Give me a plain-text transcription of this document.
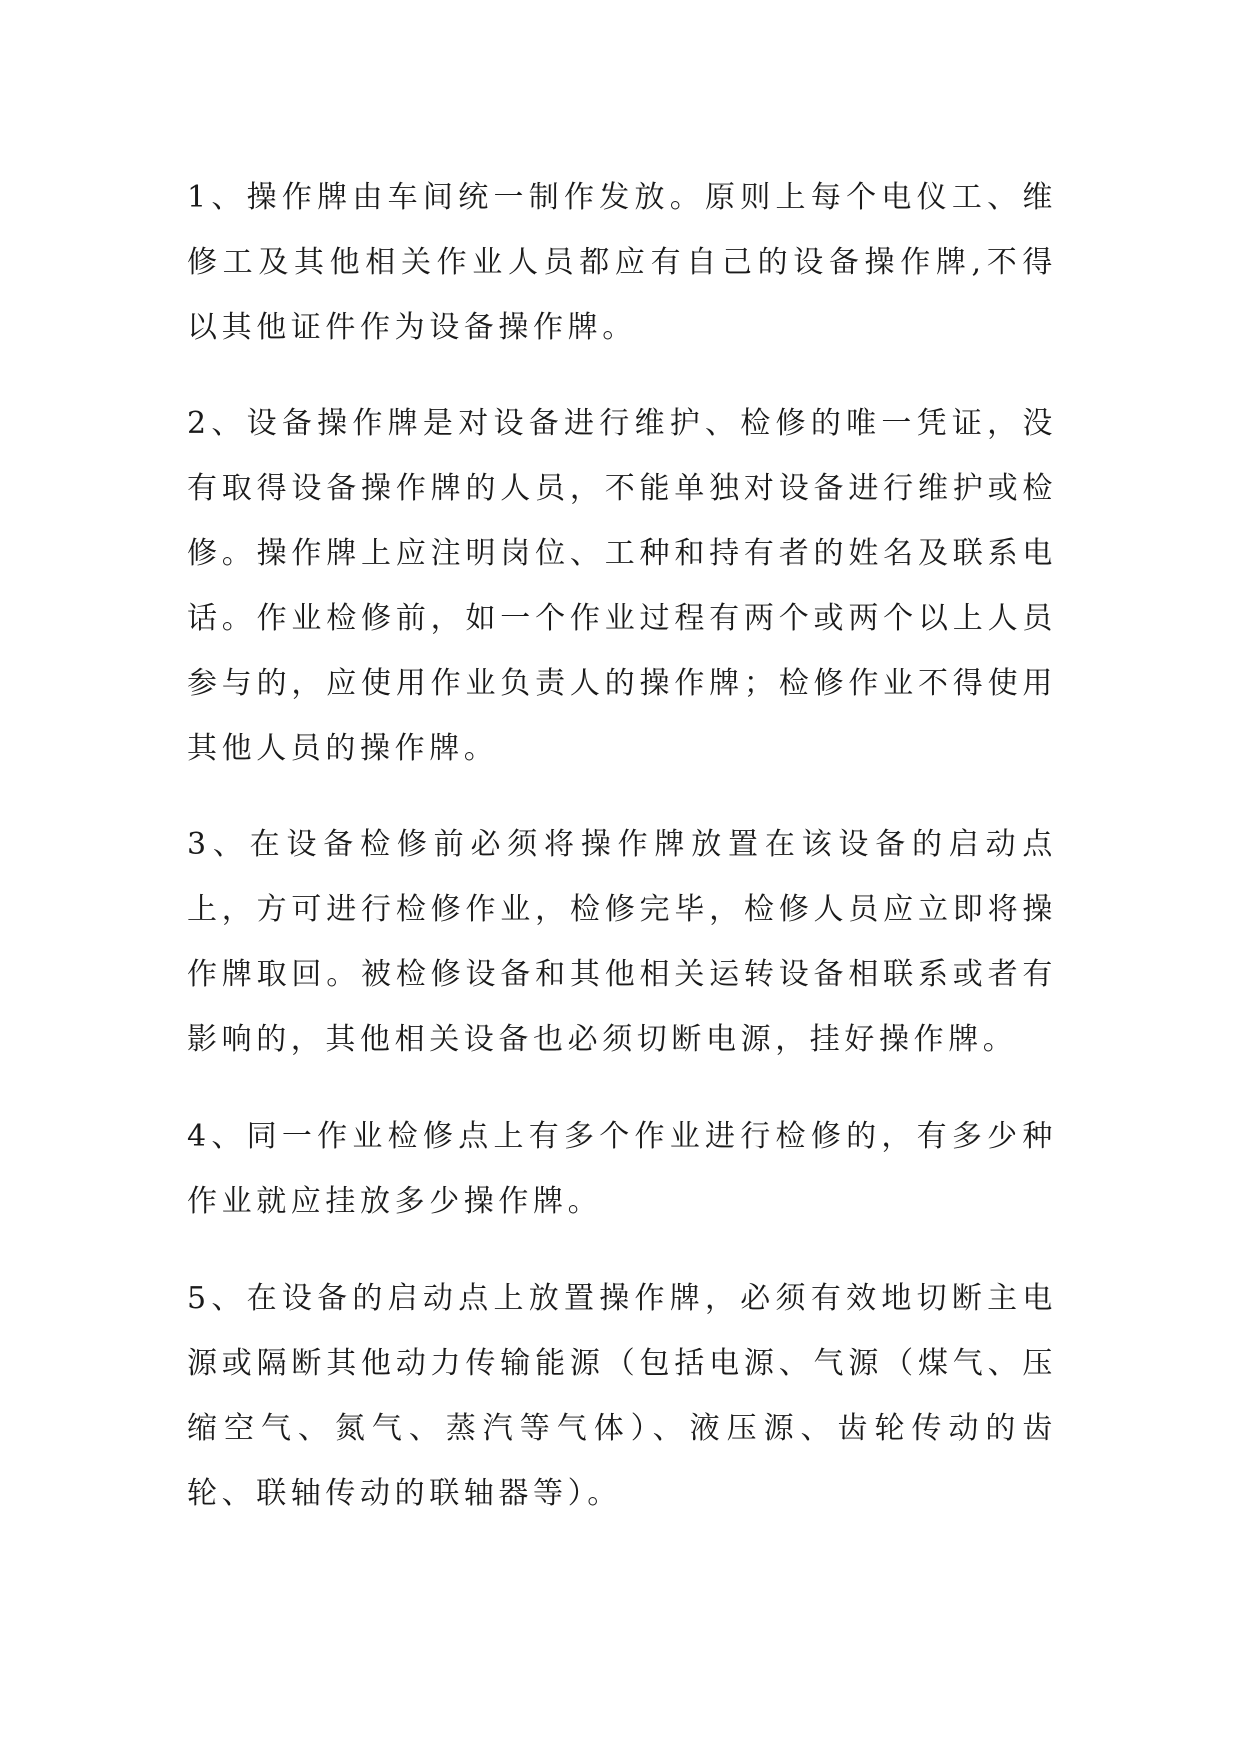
1、操作牌由车间统一制作发放。原则上每个电仪工、维修工及其他相关作业人员都应有自己的设备操作牌,不得以其他证件作为设备操作牌。

2、设备操作牌是对设备进行维护、检修的唯一凭证，没有取得设备操作牌的人员，不能单独对设备进行维护或检修。操作牌上应注明岗位、工种和持有者的姓名及联系电话。作业检修前，如一个作业过程有两个或两个以上人员参与的，应使用作业负责人的操作牌；检修作业不得使用其他人员的操作牌。

3、在设备检修前必须将操作牌放置在该设备的启动点上，方可进行检修作业，检修完毕，检修人员应立即将操作牌取回。被检修设备和其他相关运转设备相联系或者有影响的，其他相关设备也必须切断电源，挂好操作牌。

4、同一作业检修点上有多个作业进行检修的，有多少种作业就应挂放多少操作牌。

5、在设备的启动点上放置操作牌，必须有效地切断主电源或隔断其他动力传输能源（包括电源、气源（煤气、压缩空气、氮气、蒸汽等气体）、液压源、齿轮传动的齿轮、联轴传动的联轴器等）。
